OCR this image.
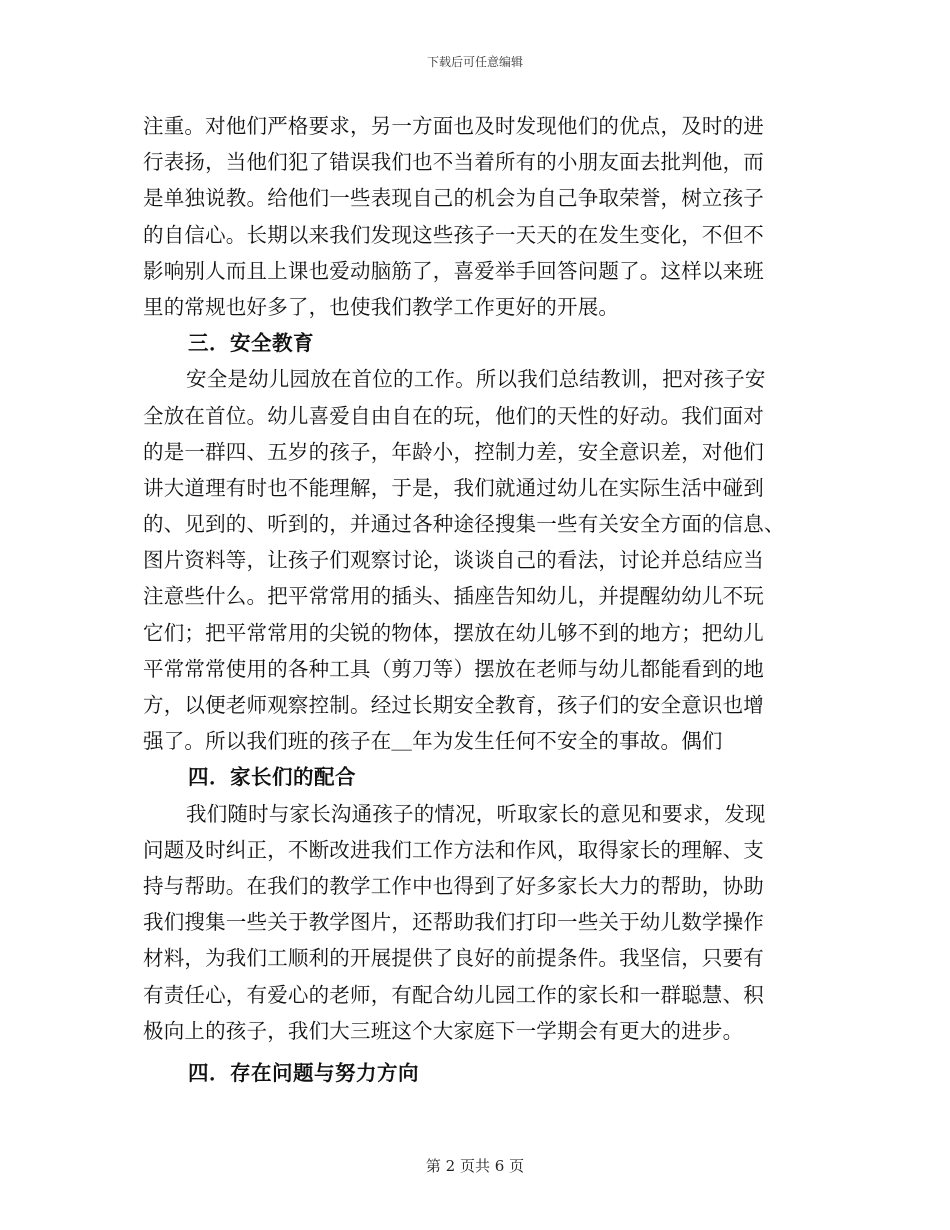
下载后可任意编辑
注重。对他们严格要求，另一方面也及时发现他们的优点，及时的进
行表扬，当他们犯了错误我们也不当着所有的小朋友面去批判他，而
是单独说教。给他们一些表现自己的机会为自己争取荣誉，树立孩子
的自信心。长期以来我们发现这些孩子一天天的在发生变化，不但不
影响别人而且上课也爱动脑筋了，喜爱举手回答问题了。这样以来班
里的常规也好多了，也使我们教学工作更好的开展。
三．安全教育
安全是幼儿园放在首位的工作。所以我们总结教训，把对孩子安
全放在首位。幼儿喜爱自由自在的玩，他们的天性的好动。我们面对
的是一群四、五岁的孩子，年龄小，控制力差，安全意识差，对他们
讲大道理有时也不能理解，于是，我们就通过幼儿在实际生活中碰到
的、见到的、听到的，并通过各种途径搜集一些有关安全方面的信息、
图片资料等，让孩子们观察讨论，谈谈自己的看法，讨论并总结应当
注意些什么。把平常常用的插头、插座告知幼儿，并提醒幼幼儿不玩
它们；把平常常用的尖锐的物体，摆放在幼儿够不到的地方；把幼儿
平常常常使用的各种工具（剪刀等）摆放在老师与幼儿都能看到的地
方，以便老师观察控制。经过长期安全教育，孩子们的安全意识也增
强了。所以我们班的孩子在＿年为发生任何不安全的事故。偶们
四．家长们的配合
我们随时与家长沟通孩子的情况，听取家长的意见和要求，发现
问题及时纠正，不断改进我们工作方法和作风，取得家长的理解、支
持与帮助。在我们的教学工作中也得到了好多家长大力的帮助，协助
我们搜集一些关于教学图片，还帮助我们打印一些关于幼儿数学操作
材料，为我们工顺利的开展提供了良好的前提条件。我坚信，只要有
有责任心，有爱心的老师，有配合幼儿园工作的家长和一群聪慧、积
极向上的孩子，我们大三班这个大家庭下一学期会有更大的进步。
四．存在问题与努力方向
第 2 页共 6 页
